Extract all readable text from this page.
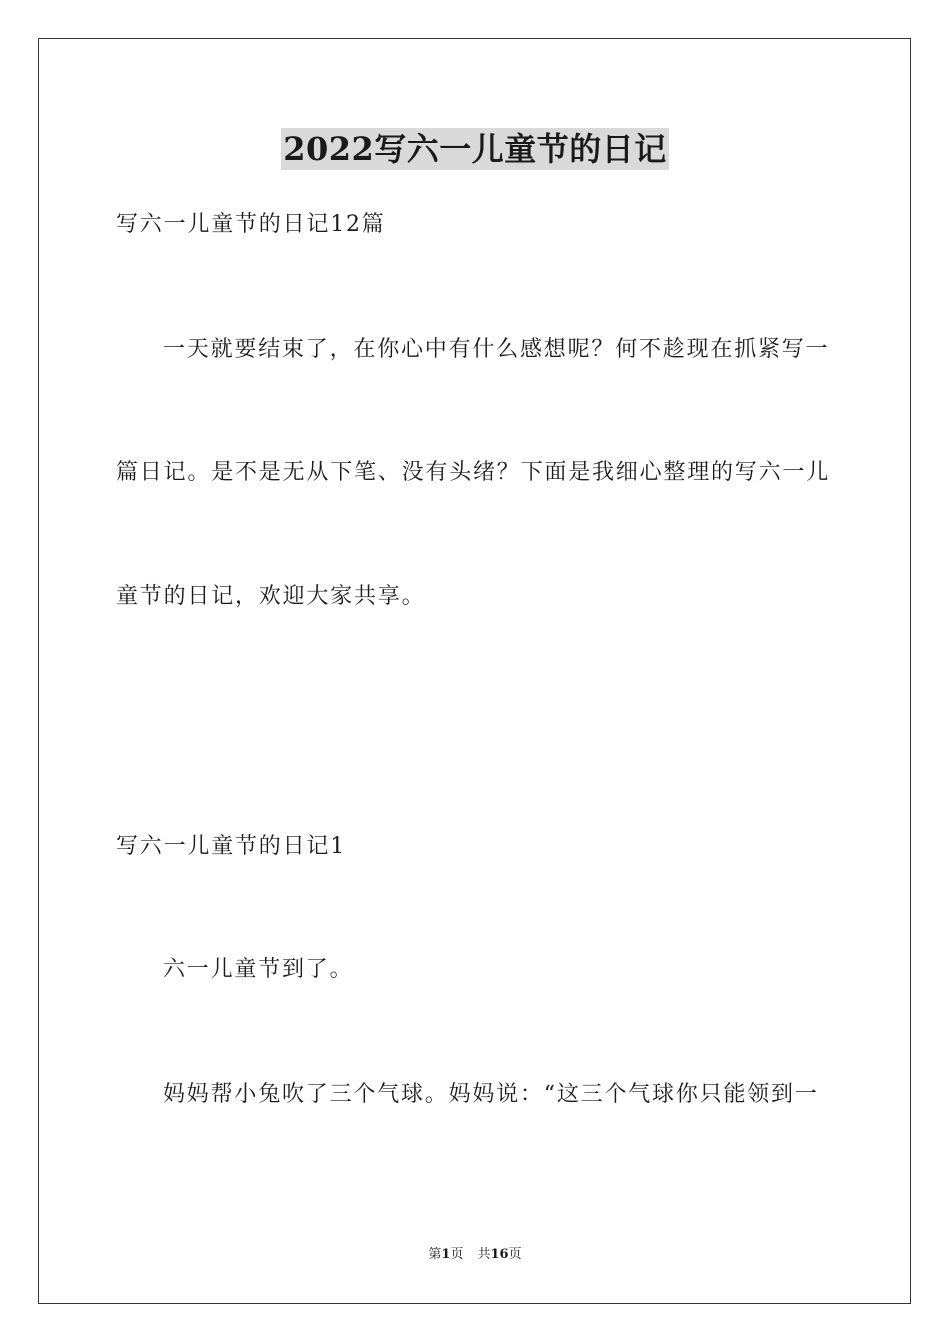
2022写六一儿童节的日记
写六一儿童节的日记12篇
一天就要结束了，在你心中有什么感想呢？何不趁现在抓紧写一
篇日记。是不是无从下笔、没有头绪？下面是我细心整理的写六一儿
童节的日记，欢迎大家共享。
写六一儿童节的日记1
六一儿童节到了。
妈妈帮小兔吹了三个气球。妈妈说：“这三个气球你只能领到一
第1页 共16页
